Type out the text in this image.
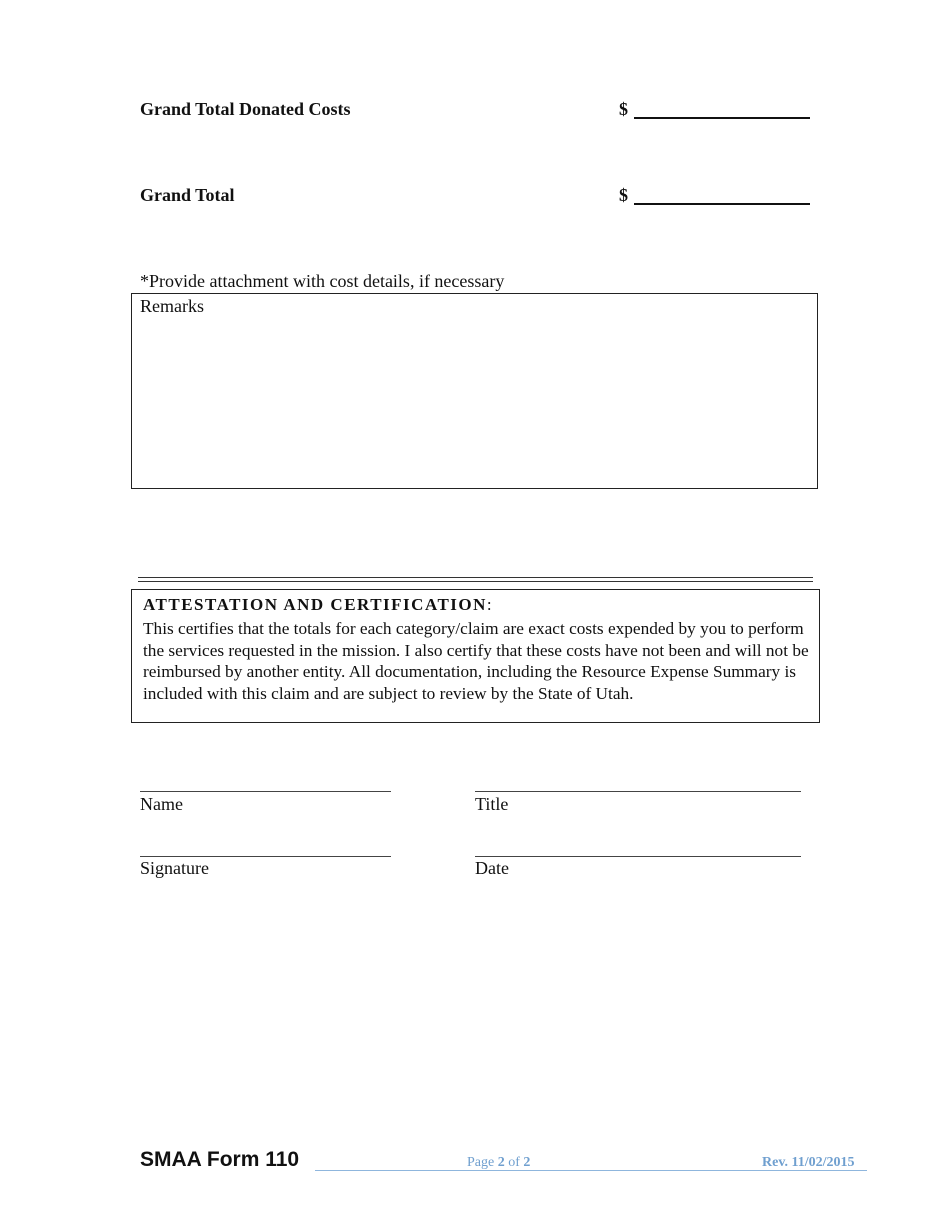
Grand Total Donated Costs	$
Grand Total	$
*Provide attachment with cost details, if necessary
Remarks
ATTESTATION AND CERTIFICATION:
This certifies that the totals for each category/claim are exact costs expended by you to perform the services requested in the mission. I also certify that these costs have not been and will not be reimbursed by another entity. All documentation, including the Resource Expense Summary is included with this claim and are subject to review by the State of Utah.
Name	Title
Signature	Date
SMAA Form 110	Page 2 of 2	Rev. 11/02/2015
